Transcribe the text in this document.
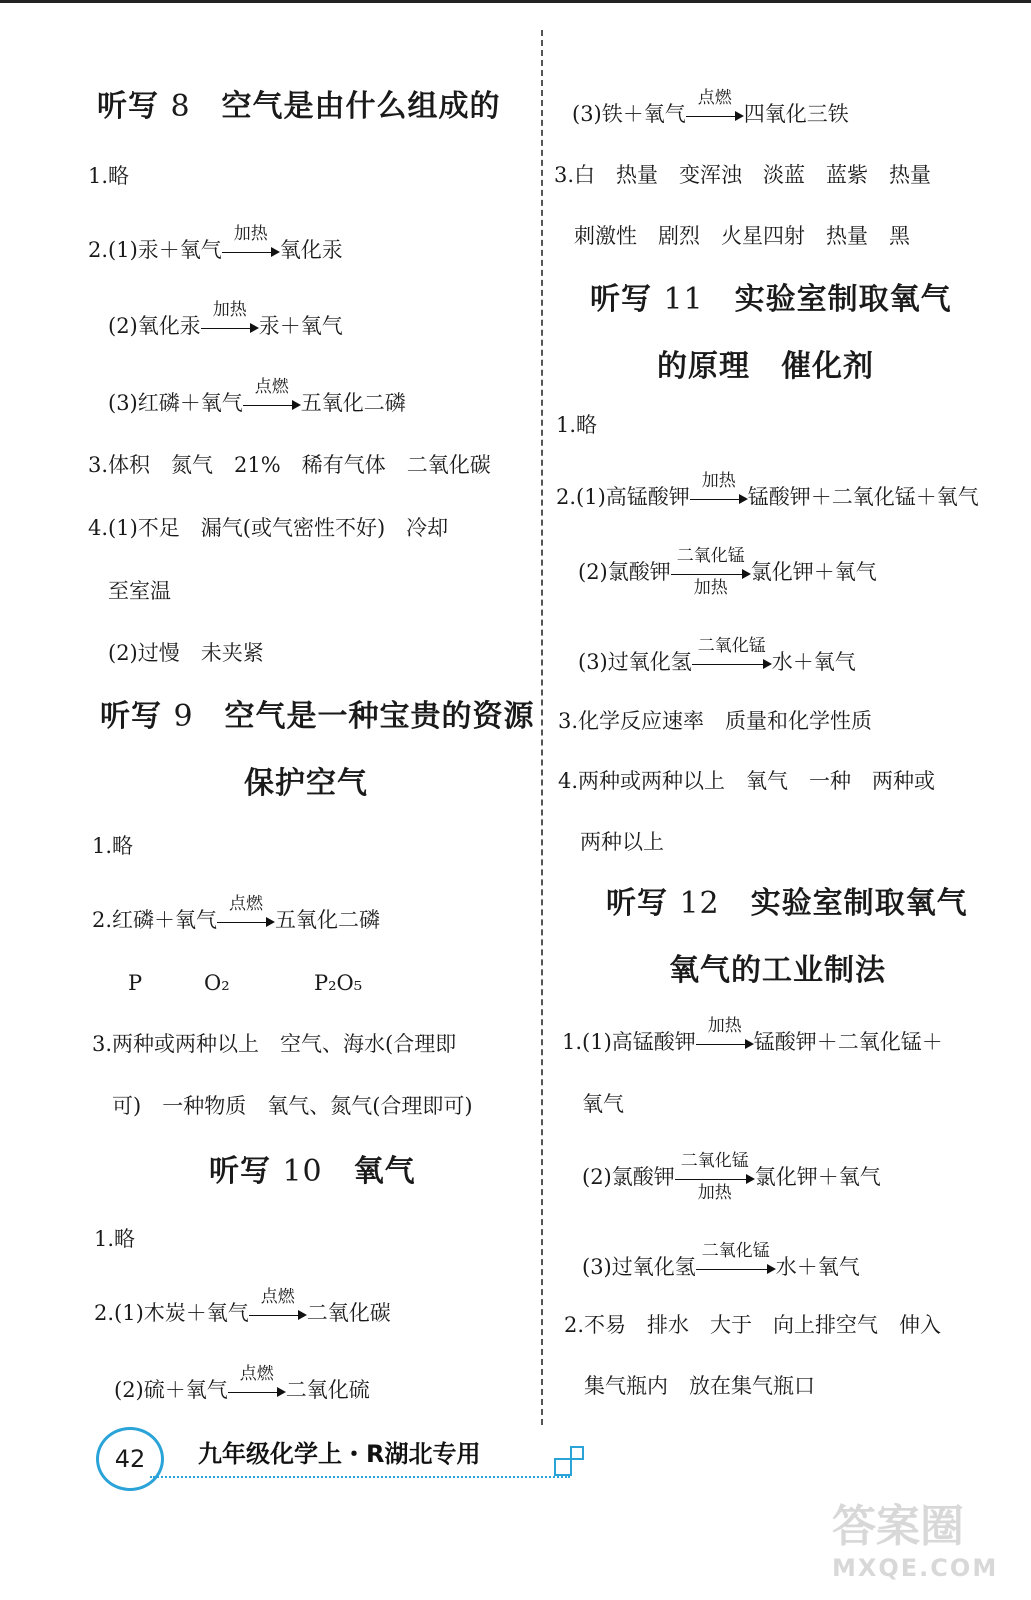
听写 8　 空气是由什么组成的
1.略
2.(1)汞＋氧气
加热
氧化汞
(2)氧化汞
加热
汞＋氧气
(3)红磷＋氧气
点燃
五氧化二磷
3.体积　氮气　21%　稀有气体　二氧化碳
4.(1)不足　漏气(或气密性不好)　冷却
至室温
(2)过慢　未夹紧
听写 9　 空气是一种宝贵的资源
保护空气
1.略
2.红磷＋氧气
点燃
五氧化二磷
P	O₂	P₂O₅
3.两种或两种以上　空气、海水(合理即
可)　一种物质　氧气、氮气(合理即可)
听写 10　 氧气
1.略
2.(1)木炭＋氧气
点燃
二氧化碳
(2)硫＋氧气
点燃
二氧化硫
(3)铁＋氧气
点燃
四氧化三铁
3.白　热量　变浑浊　淡蓝　蓝紫　热量
刺激性　剧烈　火星四射　热量　黑
听写 11　 实验室制取氧气
的原理　催化剂
1.略
2.(1)高锰酸钾
加热
锰酸钾＋二氧化锰＋氧气
(2)氯酸钾
二氧化锰
加热
氯化钾＋氧气
(3)过氧化氢
二氧化锰
水＋氧气
3.化学反应速率　质量和化学性质
4.两种或两种以上　氧气　一种　两种或
两种以上
听写 12　 实验室制取氧气
氧气的工业制法
1.(1)高锰酸钾
加热
锰酸钾＋二氧化锰＋
氧气
(2)氯酸钾
二氧化锰
加热
氯化钾＋氧气
(3)过氧化氢
二氧化锰
水＋氧气
2.不易　排水　大于　向上排空气　伸入
集气瓶内　放在集气瓶口
42 九年级化学上・R湖北专用
答案圈
MXQE.COM
